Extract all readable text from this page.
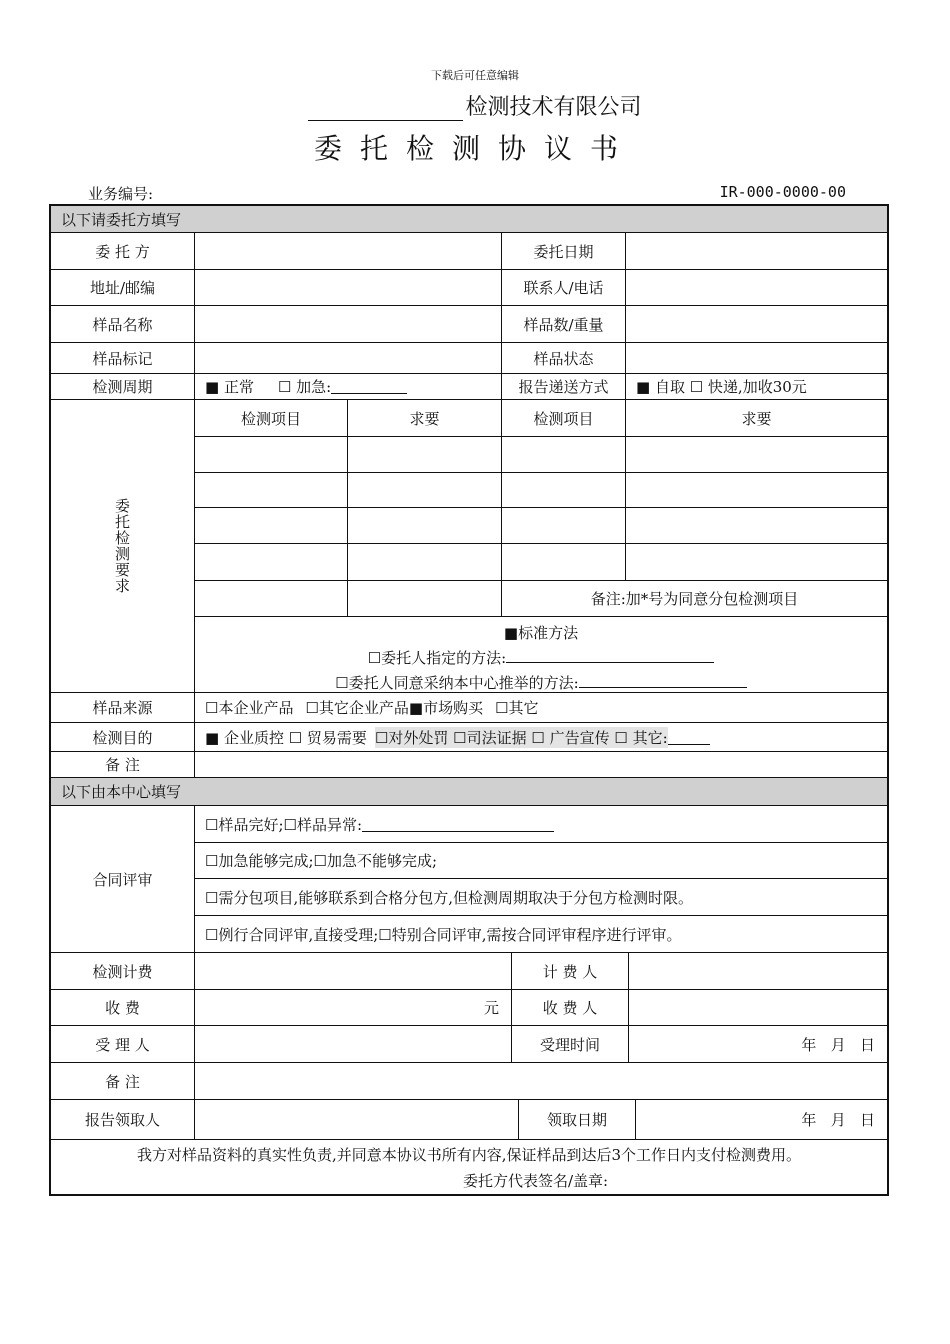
下载后可任意编辑
检测技术有限公司
委托检测协议书
业务编号:	IR-000-0000-00
以下请委托方填写
委 托 方	委托日期
地址/邮编	联系人/电话
样品名称	样品数/重量
样品标记	样品状态
检测周期	■ 正常 ☐ 加急:	报告递送方式	■ 自取 ☐ 快递,加收30元
委托检测要求
检测项目	求要	检测项目	求要
备注:加*号为同意分包检测项目
■标准方法
☐委托人指定的方法:
☐委托人同意采纳本中心推举的方法:
样品来源	☐本企业产品 ☐其它企业产品 ■市场购买 ☐其它
检测目的	■ 企业质控 ☐ 贸易需要 ☐对外处罚 ☐司法证据 ☐ 广告宣传 ☐ 其它:
备 注
以下由本中心填写
合同评审
☐样品完好;☐样品异常:
☐加急能够完成;☐加急不能够完成;
☐需分包项目,能够联系到合格分包方,但检测周期取决于分包方检测时限。
☐例行合同评审,直接受理;☐特别合同评审,需按合同评审程序进行评审。
检测计费	计 费 人
收 费	元	收 费 人
受 理 人	受理时间	年   月   日
备 注
报告领取人	领取日期	年   月   日
我方对样品资料的真实性负责,并同意本协议书所有内容,保证样品到达后3个工作日内支付检测费用。
委托方代表签名/盖章:
